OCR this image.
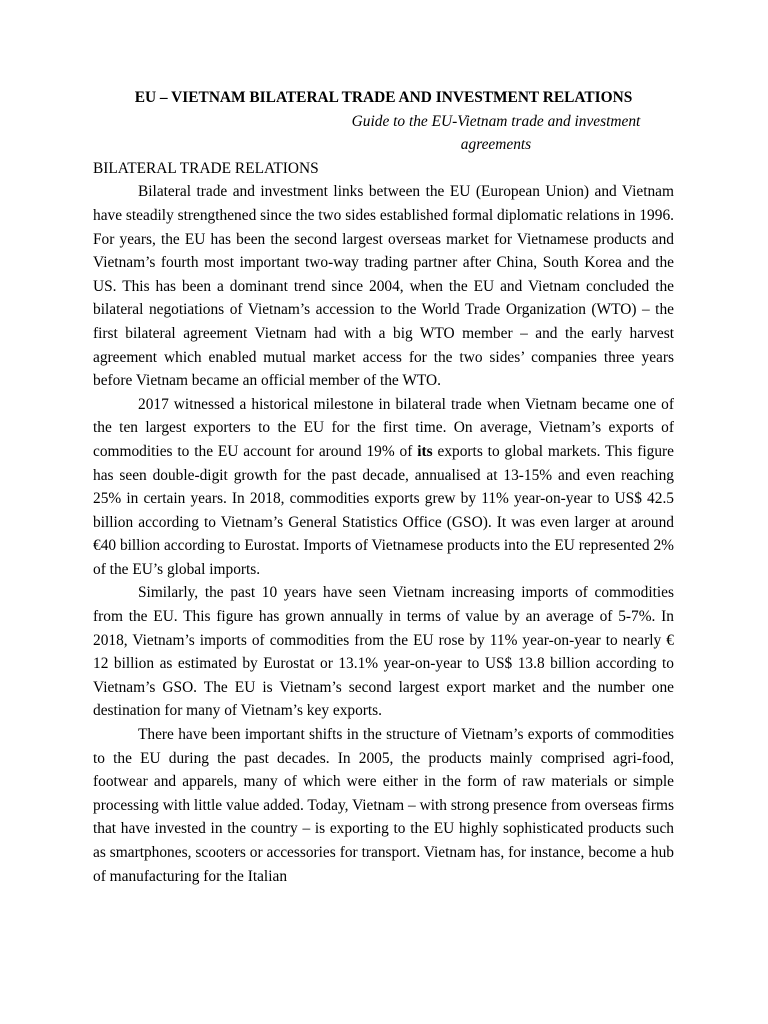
EU – VIETNAM BILATERAL TRADE AND INVESTMENT RELATIONS

Guide to the EU-Vietnam trade and investment agreements

BILATERAL TRADE RELATIONS

Bilateral trade and investment links between the EU (European Union) and Vietnam have steadily strengthened since the two sides established formal diplomatic relations in 1996. For years, the EU has been the second largest overseas market for Vietnamese products and Vietnam’s fourth most important two-way trading partner after China, South Korea and the US. This has been a dominant trend since 2004, when the EU and Vietnam concluded the bilateral negotiations of Vietnam’s accession to the World Trade Organization (WTO) – the first bilateral agreement Vietnam had with a big WTO member – and the early harvest agreement which enabled mutual market access for the two sides’ companies three years before Vietnam became an official member of the WTO.

2017 witnessed a historical milestone in bilateral trade when Vietnam became one of the ten largest exporters to the EU for the first time. On average, Vietnam’s exports of commodities to the EU account for around 19% of its exports to global markets. This figure has seen double-digit growth for the past decade, annualised at 13-15% and even reaching 25% in certain years. In 2018, commodities exports grew by 11% year-on-year to US$ 42.5 billion according to Vietnam’s General Statistics Office (GSO). It was even larger at around €40 billion according to Eurostat. Imports of Vietnamese products into the EU represented 2% of the EU’s global imports.

Similarly, the past 10 years have seen Vietnam increasing imports of commodities from the EU. This figure has grown annually in terms of value by an average of 5-7%. In 2018, Vietnam’s imports of commodities from the EU rose by 11% year-on-year to nearly € 12 billion as estimated by Eurostat or 13.1% year-on-year to US$ 13.8 billion according to Vietnam’s GSO. The EU is Vietnam’s second largest export market and the number one destination for many of Vietnam’s key exports.

There have been important shifts in the structure of Vietnam’s exports of commodities to the EU during the past decades. In 2005, the products mainly comprised agri-food, footwear and apparels, many of which were either in the form of raw materials or simple processing with little value added. Today, Vietnam – with strong presence from overseas firms that have invested in the country – is exporting to the EU highly sophisticated products such as smartphones, scooters or accessories for transport. Vietnam has, for instance, become a hub of manufacturing for the Italian
